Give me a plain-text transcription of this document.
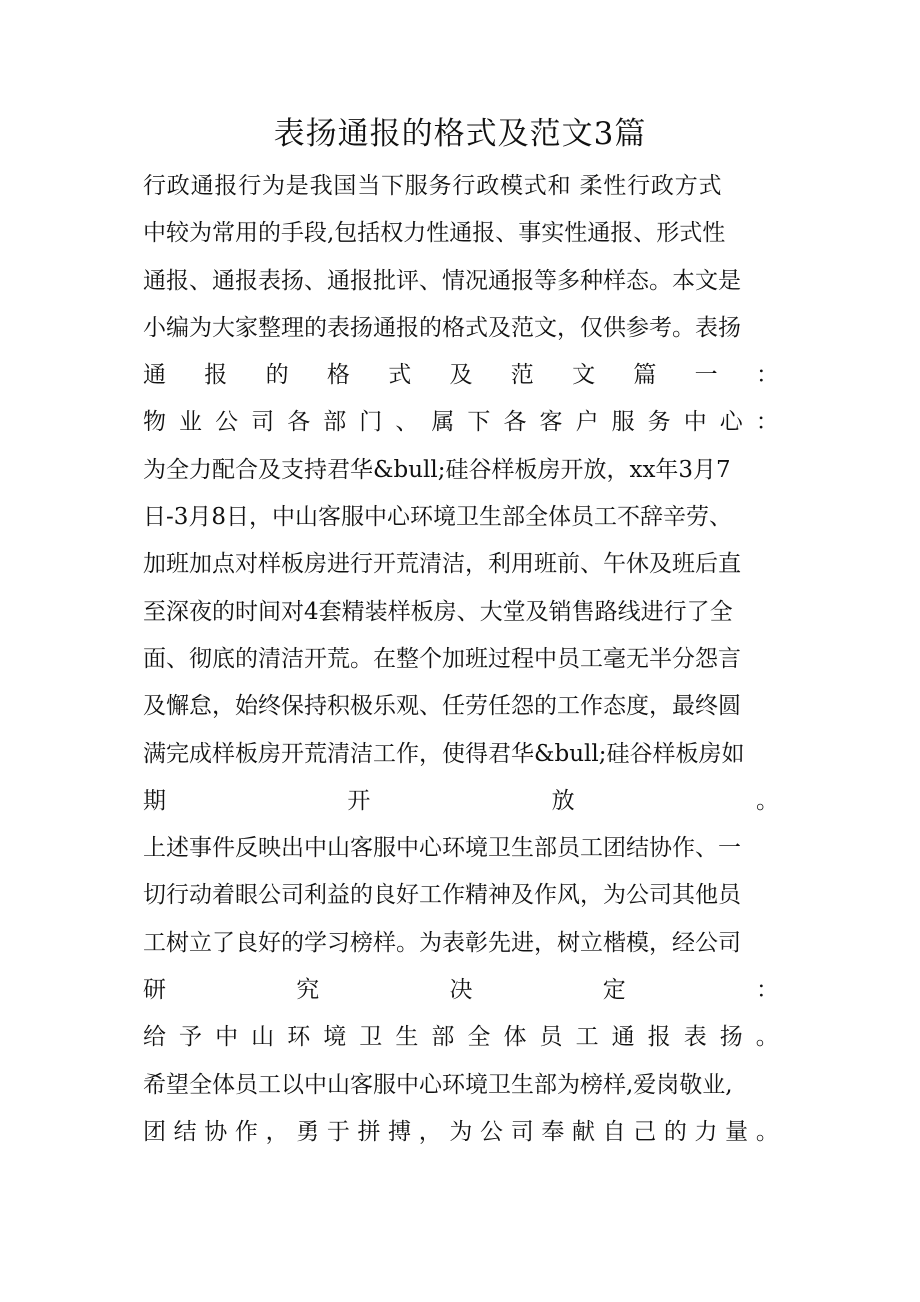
表扬通报的格式及范文3篇
行政通报行为是我国当下服务行政模式和 柔性行政方式
中较为常用的手段,包括权力性通报、事实性通报、形式性
通报、通报表扬、通报批评、情况通报等多种样态。本文是
小编为大家整理的表扬通报的格式及范文，仅供参考。表扬
通 报 的 格 式 及 范 文 篇 一 ：
物 业 公 司 各 部 门 、 属 下 各 客 户 服 务 中 心 ：
为全力配合及支持君华&bull;硅谷样板房开放，xx年3月7
日-3月8日，中山客服中心环境卫生部全体员工不辞辛劳、
加班加点对样板房进行开荒清洁，利用班前、午休及班后直
至深夜的时间对4套精装样板房、大堂及销售路线进行了全
面、彻底的清洁开荒。在整个加班过程中员工毫无半分怨言
及懈怠，始终保持积极乐观、任劳任怨的工作态度，最终圆
满完成样板房开荒清洁工作，使得君华&bull;硅谷样板房如
期	开	放	。
上述事件反映出中山客服中心环境卫生部员工团结协作、一
切行动着眼公司利益的良好工作精神及作风，为公司其他员
工树立了良好的学习榜样。为表彰先进，树立楷模，经公司
研	究	决	定	：
给 予 中 山 环 境 卫 生 部 全 体 员 工 通 报 表 扬 。
希望全体员工以中山客服中心环境卫生部为榜样,爱岗敬业,
团 结 协 作 ， 勇 于 拼 搏 ， 为 公 司 奉 献 自 己 的 力 量 。
